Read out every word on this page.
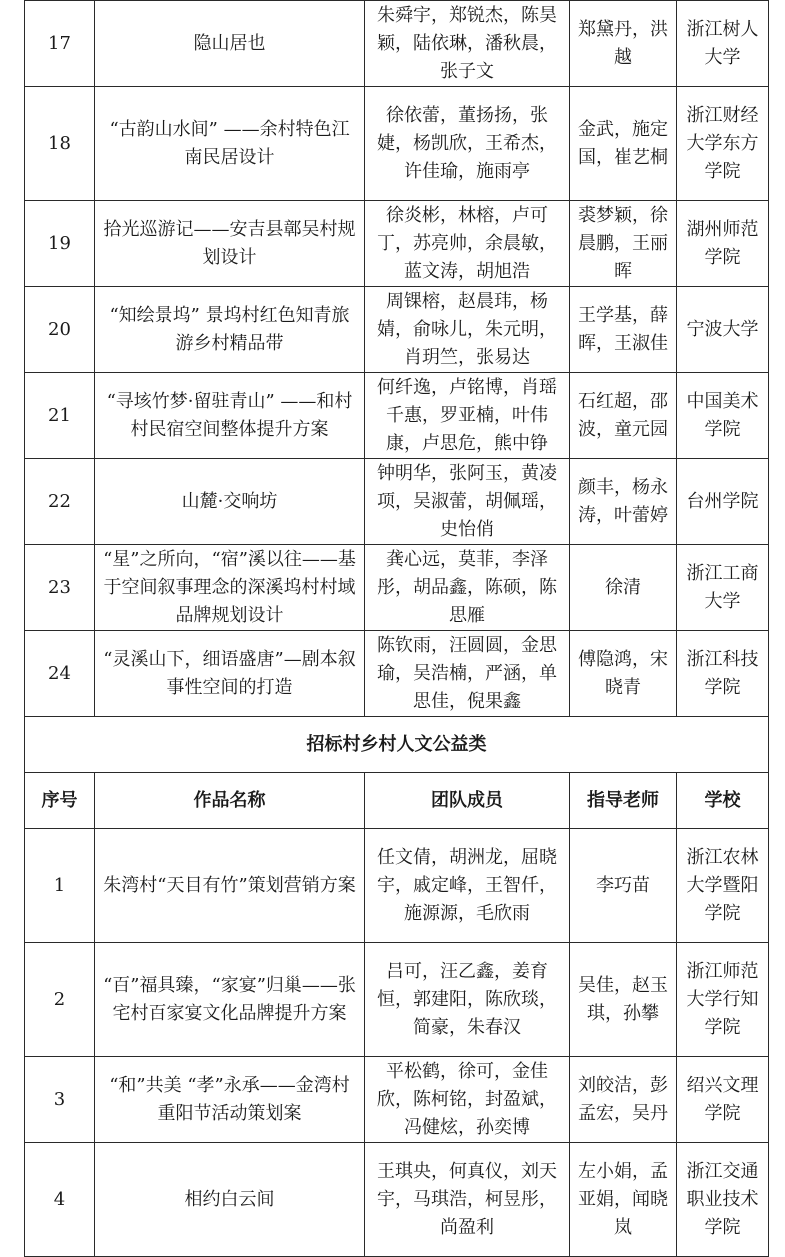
17	隐山居也	朱舜宇，郑锐杰，陈昊颖，陆依琳，潘秋晨，张子文	郑黛丹，洪越	浙江树人大学
18	“古韵山水间” ——余村特色江南民居设计	徐依蕾，董扬扬，张婕，杨凯欣，王希杰，许佳瑜，施雨亭	金武，施定国，崔艺桐	浙江财经大学东方学院
19	拾光巡游记——安吉县鄣吴村规划设计	徐炎彬，林榕，卢可丁，苏亮帅，余晨敏，蓝文涛，胡旭浩	裘梦颖，徐晨鹏，王丽晖	湖州师范学院
20	“知绘景坞” 景坞村红色知青旅游乡村精品带	周锞榕，赵晨玮，杨婧，俞咏儿，朱元明，肖玥竺，张易达	王学基，薛晖，王淑佳	宁波大学
21	“寻垓竹梦·留驻青山” ——和村村民宿空间整体提升方案	何纤逸，卢铭博，肖瑶千惠，罗亚楠，叶伟康，卢思危，熊中铮	石红超，邵波，童元园	中国美术学院
22	山麓·交响坊	钟明华，张阿玉，黄凌项，吴淑蕾，胡佩瑶，史怡俏	颜丰，杨永涛，叶蕾婷	台州学院
23	“星”之所向，“宿”溪以往——基于空间叙事理念的深溪坞村村域品牌规划设计	龚心远，莫菲，李泽彤，胡品鑫，陈硕，陈思雁	徐清	浙江工商大学
24	“灵溪山下，细语盛唐”—剧本叙事性空间的打造	陈钦雨，汪圆圆，金思瑜，吴浩楠，严涵，单思佳，倪果鑫	傅隐鸿，宋晓青	浙江科技学院
招标村乡村人文公益类				
序号	作品名称	团队成员	指导老师	学校
1	朱湾村“天目有竹”策划营销方案	任文倩，胡洲龙，屈晓宇，戚定峰，王智仟，施源源，毛欣雨	李巧苗	浙江农林大学暨阳学院
2	“百”福具臻，“家宴”归巢——张宅村百家宴文化品牌提升方案	吕可，汪乙鑫，姜育恒，郭建阳，陈欣琰，简豪，朱春汉	吴佳，赵玉琪，孙攀	浙江师范大学行知学院
3	“和”共美 “孝”永承——金湾村重阳节活动策划案	平松鹤，徐可，金佳欣，陈柯铭，封盈斌，冯健炫，孙奕博	刘皎洁，彭孟宏，吴丹	绍兴文理学院
4	相约白云间	王琪央，何真仪，刘天宇，马琪浩，柯昱彤，尚盈利	左小娟，孟亚娟，闻晓岚	浙江交通职业技术学院
